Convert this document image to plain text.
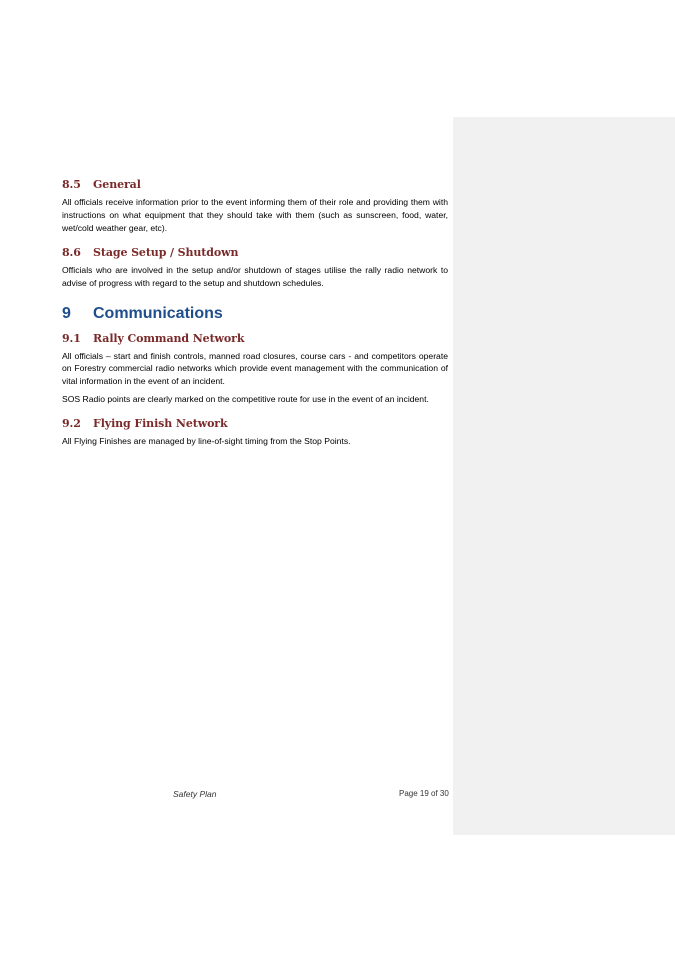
8.5 General

All officials receive information prior to the event informing them of their role and providing them with instructions on what equipment that they should take with them (such as sunscreen, food, water, wet/cold weather gear, etc).

8.6 Stage Setup / Shutdown

Officials who are involved in the setup and/or shutdown of stages utilise the rally radio network to advise of progress with regard to the setup and shutdown schedules.

9 Communications
9.1 Rally Command Network

All officials – start and finish controls, manned road closures, course cars - and competitors operate on Forestry commercial radio networks which provide event management with the communication of vital information in the event of an incident.

SOS Radio points are clearly marked on the competitive route for use in the event of an incident.

9.2 Flying Finish Network

All Flying Finishes are managed by line-of-sight timing from the Stop Points.

Safety Plan	Page 19 of 30
